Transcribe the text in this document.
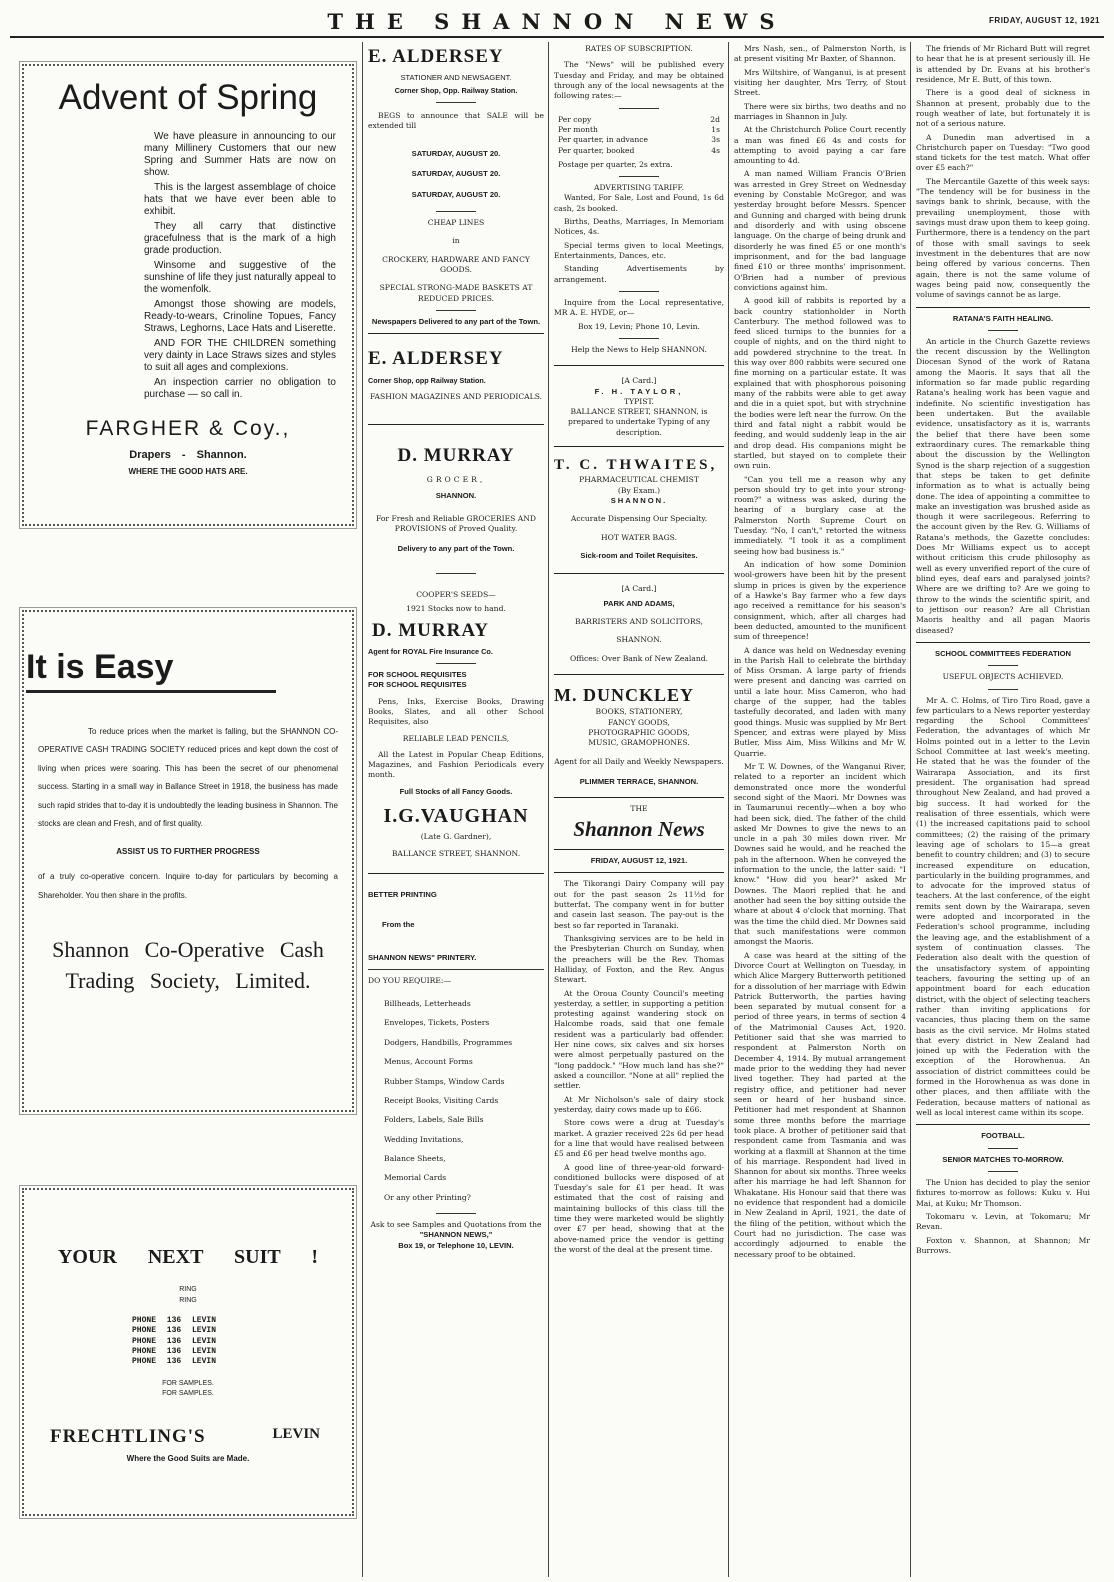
THE SHANNON NEWS	FRIDAY, AUGUST 12, 1921
Advent of Spring

We have pleasure in announcing to our many Millinery Customers that our new Spring and Summer Hats are now on show.

This is the largest assemblage of choice hats that we have ever been able to exhibit.

They all carry that distinctive gracefulness that is the mark of a high grade production.

Winsome and suggestive of the sunshine of life they just naturally appeal to the womenfolk.

Amongst those showing are models, Ready-to-wears, Crinoline Topues, Fancy Straws, Leghorns, Lace Hats and Liserette.

AND FOR THE CHILDREN something very dainty in Lace Straws sizes and styles to suit all ages and complexions.

An inspection carrier no obligation to purchase — so call in.

FARGHER & Coy.,
Drapers - Shannon.
WHERE THE GOOD HATS ARE.
It is Easy

To reduce prices when the market is falling, but the SHANNON CO-OPERATIVE CASH TRADING SOCIETY reduced prices and kept down the cost of living when prices were soaring. This has been the secret of our phenomenal success. Starting in a small way in Ballance Street in 1918, the business has made such rapid strides that to-day it is undoubtedly the leading business in Shannon. The stocks are clean and Fresh, and of first quality.

ASSIST US TO FURTHER PROGRESS

of a truly co-operative concern. Inquire to-day for particulars by becoming a Shareholder. You then share in the profits.

Shannon Co-Operative Cash Trading Society, Limited.
YOUR NEXT SUIT !
RING
RING
PHONE 136 LEVIN
PHONE 136 LEVIN
PHONE 136 LEVIN
PHONE 136 LEVIN
PHONE 136 LEVIN
FOR SAMPLES.
FOR SAMPLES.
FRECHTLING'S	LEVIN
Where the Good Suits are Made.
E. ALDERSEY
STATIONER AND NEWSAGENT.
Corner Shop, Opp. Railway Station.

BEGS to announce that SALE will be extended till

SATURDAY, AUGUST 20.
SATURDAY, AUGUST 20.
SATURDAY, AUGUST 20.
CHEAP LINES
in
CROCKERY, HARDWARE AND FANCY GOODS.
SPECIAL STRONG-MADE BASKETS AT REDUCED PRICES.
Newspapers Delivered to any part of the Town.
E. ALDERSEY
Corner Shop, opp Railway Station.
FASHION MAGAZINES AND PERIODICALS.
D. MURRAY
GROCER,
SHANNON.
For Fresh and Reliable GROCERIES AND PROVISIONS of Proved Quality.
Delivery to any part of the Town.
COOPER'S SEEDS—
1921 Stocks now to hand.
D. MURRAY
Agent for ROYAL Fire Insurance Co.
FOR SCHOOL REQUISITES
FOR SCHOOL REQUISITES

Pens, Inks, Exercise Books, Drawing Books, Slates, and all other School Requisites, also

RELIABLE LEAD PENCILS,

All the Latest in Popular Cheap Editions, Magazines, and Fashion Periodicals every month.

Full Stocks of all Fancy Goods.
I.G.VAUGHAN
(Late G. Gardner),
BALLANCE STREET, SHANNON.
BETTER PRINTING
From the
SHANNON NEWS" PRINTERY.
DO YOU REQUIRE:—
Billheads, Letterheads
Envelopes, Tickets, Posters
Dodgers, Handbills, Programmes
Menus, Account Forms
Rubber Stamps, Window Cards
Receipt Books, Visiting Cards
Folders, Labels, Sale Bills
Wedding Invitations,
Balance Sheets,
Memorial Cards
Or any other Printing?
Ask to see Samples and Quotations from the
"SHANNON NEWS,"
Box 19, or Telephone 10, LEVIN.
RATES OF SUBSCRIPTION.

The "News" will be published every Tuesday and Friday, and may be obtained through any of the local newsagents at the following rates:—

Per copy	2d
Per month	1s
Per quarter, in advance	3s
Per quarter, booked	4s
Postage per quarter, 2s extra.
ADVERTISING TARIFF.

Wanted, For Sale, Lost and Found, 1s 6d cash, 2s booked.

Births, Deaths, Marriages, In Memoriam Notices, 4s.

Special terms given to local Meetings, Entertainments, Dances, etc.

Standing Advertisements by arrangement.

Inquire from the Local representative, MR A. E. HYDE, or—

Box 19, Levin; Phone 10, Levin.
Help the News to Help SHANNON.
[A Card.]
F. H. TAYLOR,
TYPIST.
BALLANCE STREET, SHANNON, is prepared to undertake Typing of any description.
T. C. THWAITES,
PHARMACEUTICAL CHEMIST
(By Exam.)
SHANNON.
Accurate Dispensing Our Specialty.
HOT WATER BAGS.
Sick-room and Toilet Requisites.
[A Card.]
PARK AND ADAMS,
BARRISTERS AND SOLICITORS,
SHANNON.
Offices: Over Bank of New Zealand.
M. DUNCKLEY
BOOKS, STATIONERY, FANCY GOODS, PHOTOGRAPHIC GOODS, MUSIC, GRAMOPHONES.
Agent for all Daily and Weekly Newspapers.
PLIMMER TERRACE, SHANNON.
THE
Shannon News
FRIDAY, AUGUST 12, 1921.

The Tikorangi Dairy Company will pay out for the past season 2s 11½d for butterfat. The company went in for butter and casein last season. The pay-out is the best so far reported in Taranaki.

Thanksgiving services are to be held in the Presbyterian Church on Sunday, when the preachers will be the Rev. Thomas Halliday, of Foxton, and the Rev. Angus Stewart.

At the Oroua County Council's meeting yesterday, a settler, in supporting a petition protesting against wandering stock on Halcombe roads, said that one female resident was a particularly bad offender. Her nine cows, six calves and six horses were almost perpetually pastured on the "long paddock." "How much land has she?" asked a councillor. "None at all" replied the settler.

At Mr Nicholson's sale of dairy stock yesterday, dairy cows made up to £66.

Store cows were a drug at Tuesday's market. A grazier received 22s 6d per head for a line that would have realised between £5 and £6 per head twelve months ago.

A good line of three-year-old forward-conditioned bullocks were disposed of at Tuesday's sale for £1 per head. It was estimated that the cost of raising and maintaining bullocks of this class till the time they were marketed would be slightly over £7 per head, showing that at the above-named price the vendor is getting the worst of the deal at the present time.

Mrs Nash, sen., of Palmerston North, is at present visiting Mr Baxter, of Shannon.

Mrs Wiltshire, of Wanganui, is at present visiting her daughter, Mrs Terry, of Stout Street.

There were six births, two deaths and no marriages in Shannon in July.

At the Christchurch Police Court recently a man was fined £6 4s and costs for attempting to avoid paying a car fare amounting to 4d.

A man named William Francis O'Brien was arrested in Grey Street on Wednesday evening by Constable McGregor, and was yesterday brought before Messrs. Spencer and Gunning and charged with being drunk and disorderly and with using obscene language. On the charge of being drunk and disorderly he was fined £5 or one month's imprisonment, and for the bad language fined £10 or three months' imprisonment. O'Brien had a number of previous convictions against him.

A good kill of rabbits is reported by a back country stationholder in North Canterbury. The method followed was to feed sliced turnips to the bunnies for a couple of nights, and on the third night to add powdered strychnine to the treat. In this way over 800 rabbits were secured one fine morning on a particular estate. It was explained that with phosphorous poisoning many of the rabbits were able to get away and die in a quiet spot, but with strychnine the bodies were left near the furrow. On the third and fatal night a rabbit would be feeding, and would suddenly leap in the air and drop dead. His companions might be startled, but stayed on to complete their own ruin.

"Can you tell me a reason why any person should try to get into your strong-room?" a witness was asked, during the hearing of a burglary case at the Palmerston North Supreme Court on Tuesday. "No, I can't," retorted the witness immediately. "I took it as a compliment seeing how bad business is."

An indication of how some Dominion wool-growers have been hit by the present slump in prices is given by the experience of a Hawke's Bay farmer who a few days ago received a remittance for his season's consignment, which, after all charges had been deducted, amounted to the munificent sum of threepence!

A dance was held on Wednesday evening in the Parish Hall to celebrate the birthday of Miss Orsman. A large party of friends were present and dancing was carried on until a late hour. Miss Cameron, who had charge of the supper, had the tables tastefully decorated, and laden with many good things. Music was supplied by Mr Bert Spencer, and extras were played by Miss Butler, Miss Aim, Miss Wilkins and Mr W. Quarrie.

Mr T. W. Downes, of the Wanganui River, related to a reporter an incident which demonstrated once more the wonderful second sight of the Maori. Mr Downes was in Taumarunui recently—when a boy who had been sick, died. The father of the child asked Mr Downes to give the news to an uncle in a pah 30 miles down river. Mr Downes said he would, and he reached the pah in the afternoon. When he conveyed the information to the uncle, the latter said: "I know." "How did you hear?" asked Mr Downes. The Maori replied that he and another had seen the boy sitting outside the whare at about 4 o'clock that morning. That was the time the child died. Mr Downes said that such manifestations were common amongst the Maoris.

A case was heard at the sitting of the Divorce Court at Wellington on Tuesday, in which Alice Margery Butterworth petitioned for a dissolution of her marriage with Edwin Patrick Butterworth, the parties having been separated by mutual consent for a period of three years, in terms of section 4 of the Matrimonial Causes Act, 1920. Petitioner said that she was married to respondent at Palmerston North on December 4, 1914. By mutual arrangement made prior to the wedding they had never lived together. They had parted at the registry office, and petitioner had never seen or heard of her husband since. Petitioner had met respondent at Shannon some three months before the marriage took place. A brother of petitioner said that respondent came from Tasmania and was working at a flaxmill at Shannon at the time of his marriage. Respondent had lived in Shannon for about six months. Three weeks after his marriage he had left Shannon for Whakatane. His Honour said that there was no evidence that respondent had a domicile in New Zealand in April, 1921, the date of the filing of the petition, without which the Court had no jurisdiction. The case was accordingly adjourned to enable the necessary proof to be obtained.

The friends of Mr Richard Butt will regret to hear that he is at present seriously ill. He is attended by Dr. Evans at his brother's residence, Mr E. Butt, of this town.

There is a good deal of sickness in Shannon at present, probably due to the rough weather of late, but fortunately it is not of a serious nature.

A Dunedin man advertised in a Christchurch paper on Tuesday: "Two good stand tickets for the test match. What offer over £5 each?"

The Mercantile Gazette of this week says: "The tendency will be for business in the savings bank to shrink, because, with the prevailing unemployment, those with savings must draw upon them to keep going. Furthermore, there is a tendency on the part of those with small savings to seek investment in the debentures that are now being offered by various concerns. Then again, there is not the same volume of wages being paid now, consequently the volume of savings cannot be as large.

RATANA'S FAITH HEALING.

An article in the Church Gazette reviews the recent discussion by the Wellington Diocesan Synod of the work of Ratana among the Maoris. It says that all the information so far made public regarding Ratana's healing work has been vague and indefinite. No scientific investigation has been undertaken. But the available evidence, unsatisfactory as it is, warrants the belief that there have been some extraordinary cures. The remarkable thing about the discussion by the Wellington Synod is the sharp rejection of a suggestion that steps be taken to get definite information as to what is actually being done. The idea of appointing a committee to make an investigation was brushed aside as though it were sacrilegeous. Referring to the account given by the Rev. G. Williams of Ratana's methods, the Gazette concludes: Does Mr Williams expect us to accept without criticism this crude philosophy as well as every unverified report of the cure of blind eyes, deaf ears and paralysed joints? Where are we drifting to? Are we going to throw to the winds the scientific spirit, and to jettison our reason? Are all Christian Maoris healthy and all pagan Maoris diseased?

SCHOOL COMMITTEES FEDERATION
USEFUL OBJECTS ACHIEVED.

Mr A. C. Holms, of Tiro Tiro Road, gave a few particulars to a News reporter yesterday regarding the School Committees' Federation, the advantages of which Mr Holms pointed out in a letter to the Levin School Committee at last week's meeting. He stated that he was the founder of the Wairarapa Association, and its first president. The organisation had spread throughout New Zealand, and had proved a big success. It had worked for the realisation of three essentials, which were (1) the increased capitations paid to school committees; (2) the raising of the primary leaving age of scholars to 15—a great benefit to country children; and (3) to secure increased expenditure on education, particularly in the building programmes, and to advocate for the improved status of teachers. At the last conference, of the eight remits sent down by the Wairarapa, seven were adopted and incorporated in the Federation's school programme, including the leaving age, and the establishment of a system of continuation classes. The Federation also dealt with the question of the unsatisfactory system of appointing teachers, favouring the setting up of an appointment board for each education district, with the object of selecting teachers rather than inviting applications for vacancies, thus placing them on the same basis as the civil service. Mr Holms stated that every district in New Zealand had joined up with the Federation with the exception of the Horowhenua. An association of district committees could be formed in the Horowhenua as was done in other places, and then affiliate with the Federation, because matters of national as well as local interest came within its scope.

FOOTBALL.
SENIOR MATCHES TO-MORROW.

The Union has decided to play the senior fixtures to-morrow as follows: Kuku v. Hui Mai, at Kuku; Mr Thomson.

Tokomaru v. Levin, at Tokomaru; Mr Revan.

Foxton v. Shannon, at Shannon; Mr Burrows.
